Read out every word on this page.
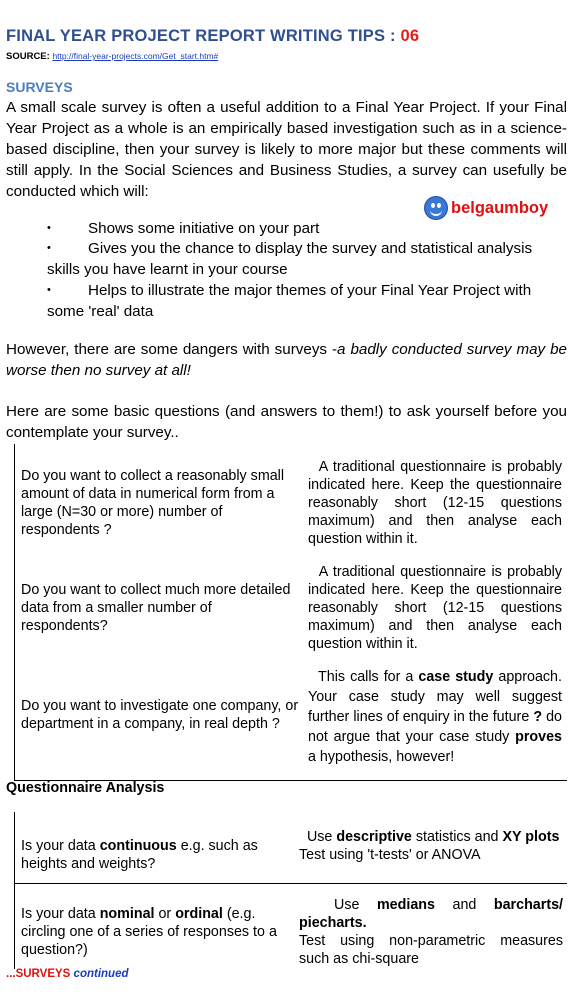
FINAL YEAR PROJECT REPORT WRITING TIPS : 06
SOURCE: http://final-year-projects.com/Get_start.htm#
SURVEYS
A small scale survey is often a useful addition to a Final Year Project. If your Final Year Project as a whole is an empirically based investigation such as in a science-based discipline, then your survey is likely to more major but these comments will still apply. In the Social Sciences and Business Studies, a survey can usefully be conducted which will:
belgaumboy
• Shows some initiative on your part
• Gives you the chance to display the survey and statistical analysis skills you have learnt in your course
• Helps to illustrate the major themes of your Final Year Project with some 'real' data
However, there are some dangers with surveys -a badly conducted survey may be worse then no survey at all!
Here are some basic questions (and answers to them!) to ask yourself before you contemplate your survey..
Do you want to collect a reasonably small amount of data in numerical form from a large (N=30 or more) number of respondents ?
A traditional questionnaire is probably indicated here. Keep the questionnaire reasonably short (12-15 questions maximum) and then analyse each question within it.
Do you want to collect much more detailed data from a smaller number of respondents?
A traditional questionnaire is probably indicated here. Keep the questionnaire reasonably short (12-15 questions maximum) and then analyse each question within it.
Do you want to investigate one company, or department in a company, in real depth ?
This calls for a case study approach. Your case study may well suggest further lines of enquiry in the future ? do not argue that your case study proves a hypothesis, however!
Questionnaire Analysis
Is your data continuous e.g. such as heights and weights?
Use descriptive statistics and XY plots
Test using 't-tests' or ANOVA
Is your data nominal or ordinal (e.g. circling one of a series of responses to a question?)
Use medians and barcharts/ piecharts.
Test using non-parametric measures such as chi-square
...SURVEYS continued
